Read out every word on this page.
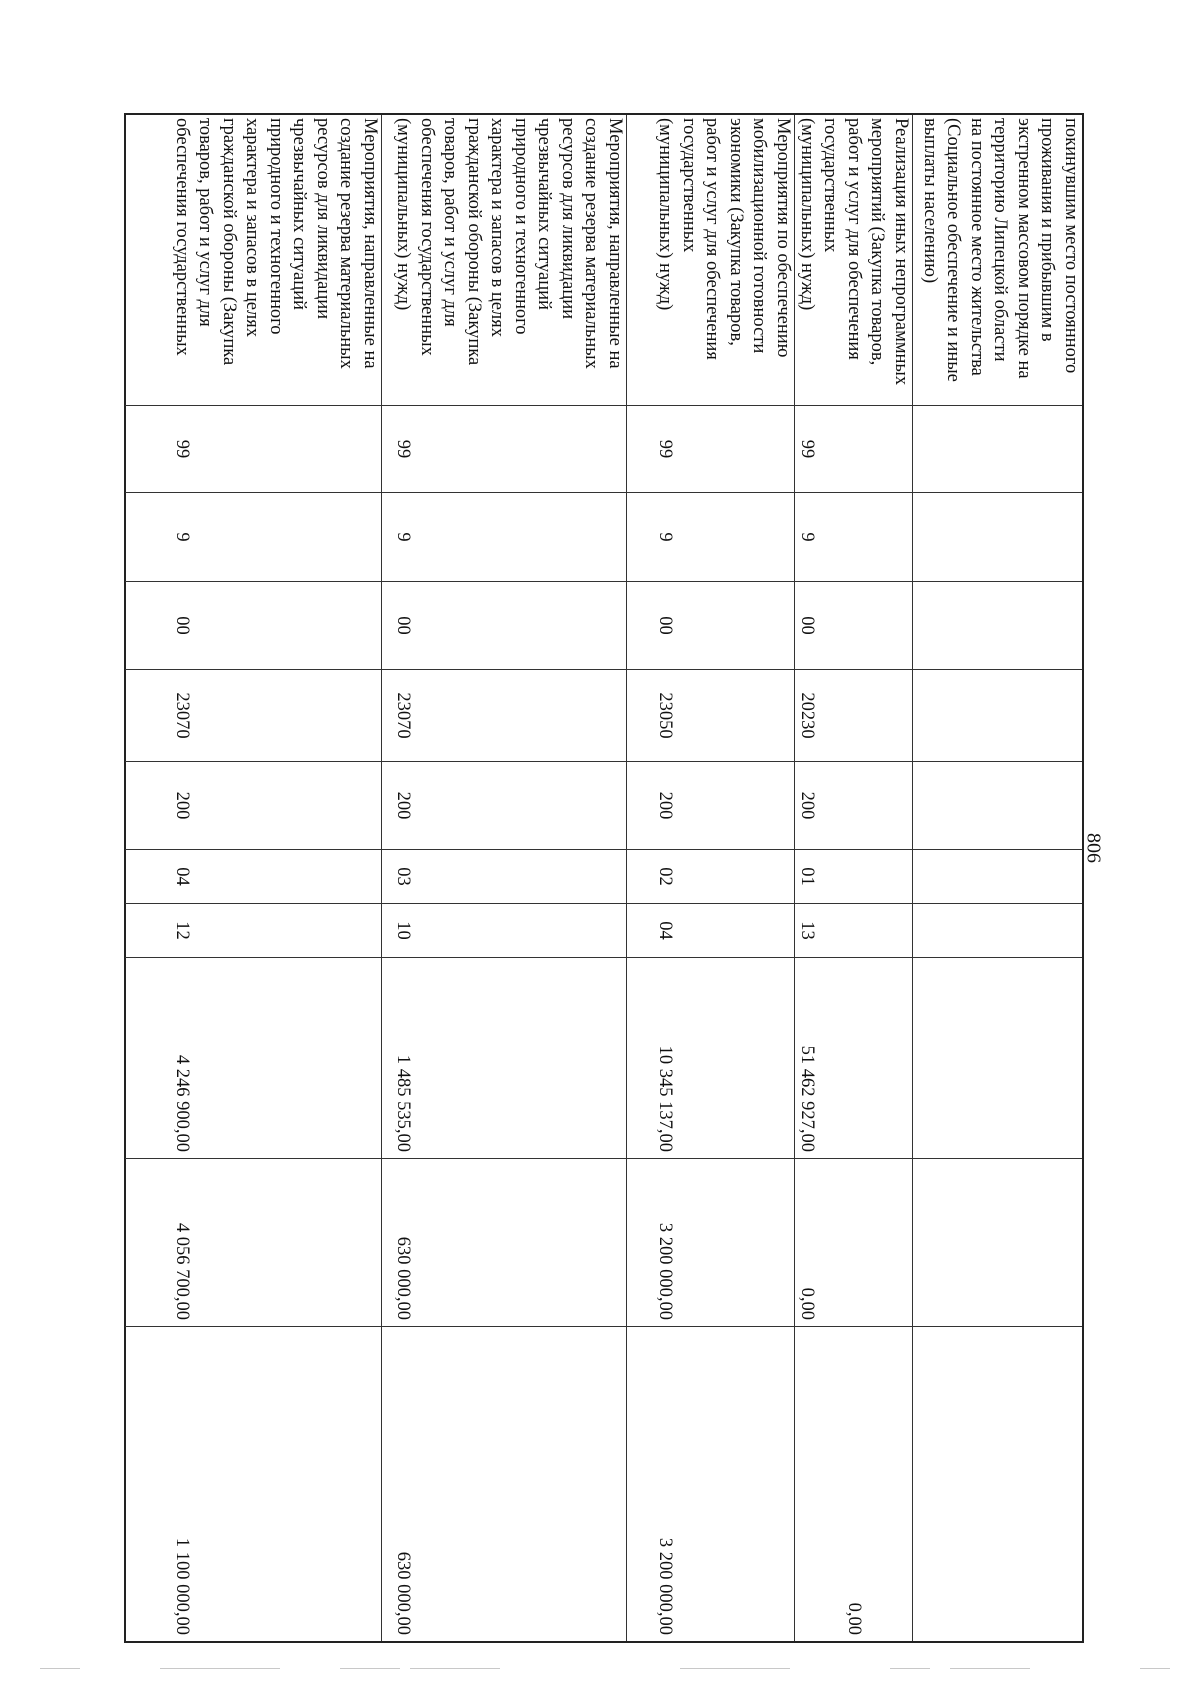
806
покинувшим место постоянного
проживания и прибывшим в
экстренном массовом порядке на
территорию Липецкой области
на постоянное место жительства
(Социальное обеспечение и иные
выплаты населению)
Реализация иных непрограммных
мероприятий (Закупка товаров,
работ и услуг для обеспечения
государственных
(муниципальных) нужд)
99
9
00
20230
200
01
13
51 462 927,00
0,00
0,00
Мероприятия по обеспечению
мобилизационной готовности
экономики (Закупка товаров,
работ и услуг для обеспечения
государственных
(муниципальных) нужд)
99
9
00
23050
200
02
04
10 345 137,00
3 200 000,00
3 200 000,00
Мероприятия, направленные на
создание резерва материальных
ресурсов для ликвидации
чрезвычайных ситуаций
природного и техногенного
характера и запасов в целях
гражданской обороны (Закупка
товаров, работ и услуг для
обеспечения государственных
(муниципальных) нужд)
99
9
00
23070
200
03
10
1 485 535,00
630 000,00
630 000,00
Мероприятия, направленные на
создание резерва материальных
ресурсов для ликвидации
чрезвычайных ситуаций
природного и техногенного
характера и запасов в целях
гражданской обороны (Закупка
товаров, работ и услуг для
обеспечения государственных
99
9
00
23070
200
04
12
4 246 900,00
4 056 700,00
1 100 000,00
